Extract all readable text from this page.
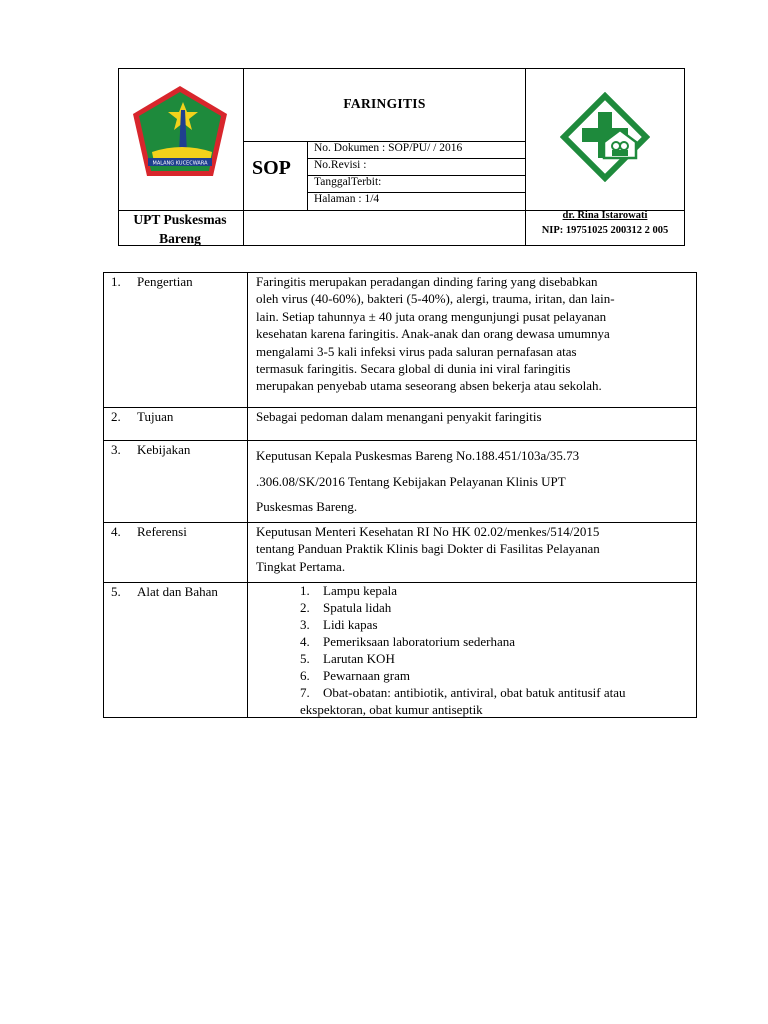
MALANG KUCECWARA
FARINGITIS
SOP
No. Dokumen : SOP/PU/ / 2016
No.Revisi :
TanggalTerbit:
Halaman : 1/4
UPT Puskesmas
Bareng
dr. Rina Istarowati
NIP: 19751025 200312 2 005
1. Pengertian	Faringitis merupakan peradangan dinding faring yang disebabkan
oleh virus (40-60%), bakteri (5-40%), alergi, trauma, iritan, dan lain-
lain. Setiap tahunnya ± 40 juta orang mengunjungi pusat pelayanan
kesehatan karena faringitis. Anak-anak dan orang dewasa umumnya
mengalami 3-5 kali infeksi virus pada saluran pernafasan atas
termasuk faringitis. Secara global di dunia ini viral faringitis
merupakan penyebab utama seseorang absen bekerja atau sekolah.
2. Tujuan	Sebagai pedoman dalam menangani penyakit faringitis
3. Kebijakan	Keputusan Kepala Puskesmas Bareng No.188.451/103a/35.73
.306.08/SK/2016 Tentang Kebijakan Pelayanan Klinis UPT
Puskesmas Bareng.
4. Referensi	Keputusan Menteri Kesehatan RI No HK 02.02/menkes/514/2015
tentang Panduan Praktik Klinis bagi Dokter di Fasilitas Pelayanan
Tingkat Pertama.
5. Alat dan Bahan	1. Lampu kepala
2. Spatula lidah
3. Lidi kapas
4. Pemeriksaan laboratorium sederhana
5. Larutan KOH
6. Pewarnaan gram
7. Obat-obatan: antibiotik, antiviral, obat batuk antitusif atau
ekspektoran, obat kumur antiseptik
